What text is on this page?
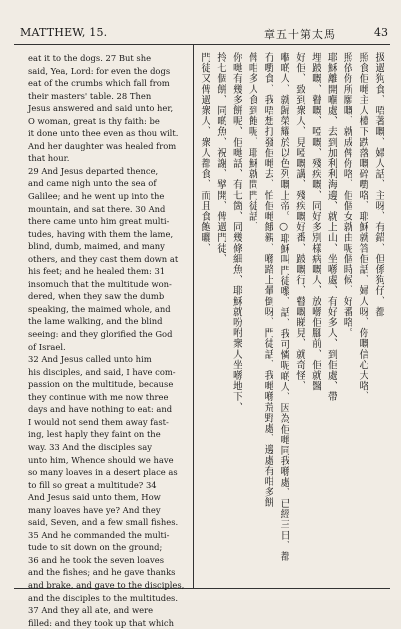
MATTHEW, 15.	章五十第太馬	43
eat it to the dogs. 27 But she
said, Yea, Lord: for even the dogs
eat of the crumbs which fall from
their masters' table. 28 Then
Jesus answered and said unto her,
O woman, great is thy faith: be
it done unto thee even as thou wilt.
And her daughter was healed from
that hour.
29 And Jesus departed thence,
and came nigh unto the sea of
Galilee; and he went up into the
mountain, and sat there. 30 And
there came unto him great multi-
tudes, having with them the lame,
blind, dumb, maimed, and many
others, and they cast them down at
his feet; and he healed them: 31
insomuch that the multitude won-
dered, when they saw the dumb
speaking, the maimed whole, and
the lame walking, and the blind
seeing: and they glorified the God
of Israel.
32 And Jesus called unto him
his disciples, and said, I have com-
passion on the multitude, because
they continue with me now three
days and have nothing to eat: and
I would not send them away fast-
ing, lest haply they faint on the
way. 33 And the disciples say
unto him, Whence should we have
so many loaves in a desert place as
to fill so great a multitude? 34
And Jesus said unto them, How
many loaves have ye? And they
said, Seven, and a few small fishes.
35 And he commanded the multi-
tude to sit down on the ground;
36 and he took the seven loaves
and the fishes; and he gave thanks
and brake, and gave to the disciples,
and the disciples to the multitudes.
37 And they all ate, and were
filled: and they took up that which
扱過狗食、唔著嘅、婦人話、主呀、有錯、但係狗仔、都
照食佢哋主人檯下跌落嘅碎嘢咯、耶穌就答佢話、婦人呀、你嘅信心大咯、
照依你所願嘅、就成俾你咯、佢個女就由呢個時候、好番咯。
耶穌離開嗰處、去到加利利海邊、就上山、坐喺處、有好多人、到佢處、帶
埋跛嘅、瞽嘅、啞嘅、殘疾嘅、同好多別樣病嘅人、放喺佢腳前、佢就醫
好佢、致到衆人、見啞嘅講、殘疾嘅好番、跛嘅行、瞽嘅睇見、就奇怪、
嗰啲人、就歸榮耀於以色列嘅上帝。○耶穌叫門徒嚟、話、我可憐呢啲人、因為佢哋同我喺處、已經三日、都
冇嘢食、我唔想打發佢哋去、怕佢哋餓親、喺路上暈倒呀、門徒話、我哋喺荒野處、邊處有咁多餅
俾咁多人食到飽呢、耶穌就問門徒話、
你哋有幾多餅呢、佢哋話、有七箇、同幾條細魚、耶穌就吩咐衆人坐喺地下、
拎七個餅、同啲魚、祝謝、擘開、俾過門徒、
門徒又俾過衆人、衆人都食、而且食飽曬、
